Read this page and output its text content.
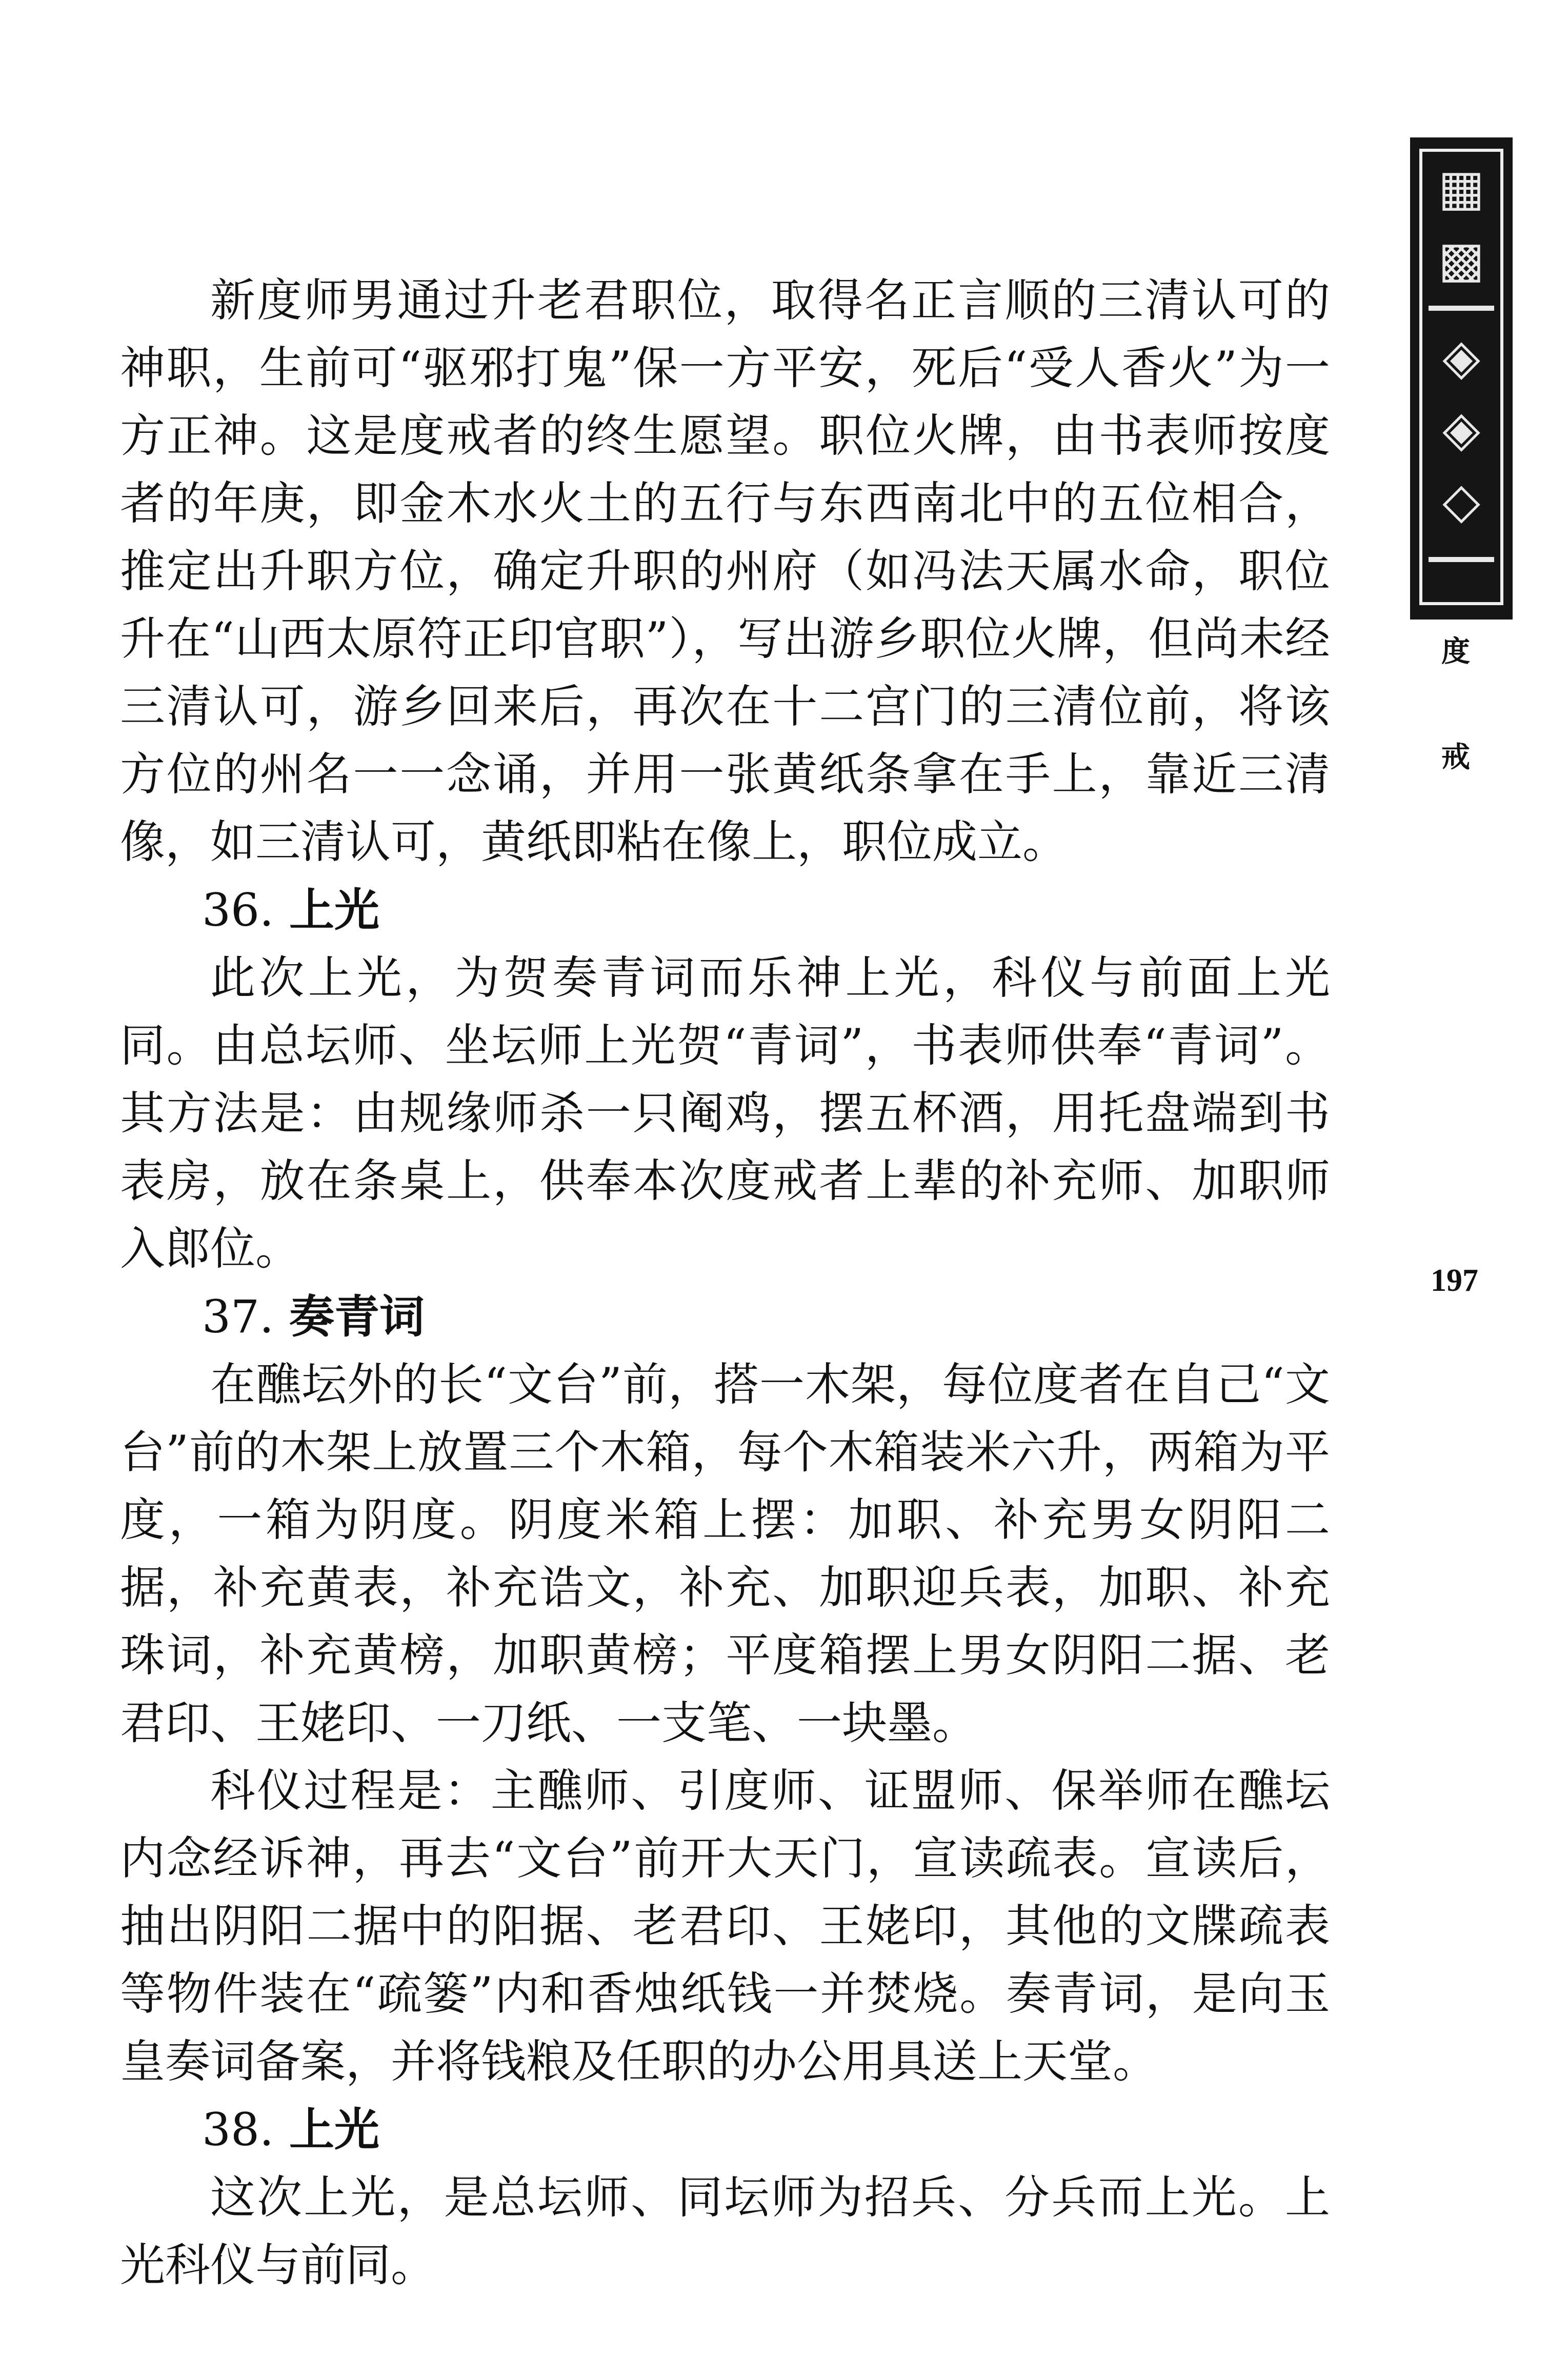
▦
▩
◈
◈
◇
度戒
197

新度师男通过升老君职位，取得名正言顺的三清认可的神职，生前可“驱邪打鬼”保一方平安，死后“受人香火”为一方正神。这是度戒者的终生愿望。职位火牌，由书表师按度者的年庚，即金木水火土的五行与东西南北中的五位相合，推定出升职方位，确定升职的州府（如冯法天属水命，职位升在“山西太原符正印官职”），写出游乡职位火牌，但尚未经三清认可，游乡回来后，再次在十二宫门的三清位前，将该方位的州名一一念诵，并用一张黄纸条拿在手上，靠近三清像，如三清认可，黄纸即粘在像上，职位成立。

36. 上光

此次上光，为贺奏青词而乐神上光，科仪与前面上光同。由总坛师、坐坛师上光贺“青词”，书表师供奉“青词”。其方法是：由规缘师杀一只阉鸡，摆五杯酒，用托盘端到书表房，放在条桌上，供奉本次度戒者上辈的补充师、加职师入郎位。

37. 奏青词

在醮坛外的长“文台”前，搭一木架，每位度者在自己“文台”前的木架上放置三个木箱，每个木箱装米六升，两箱为平度，一箱为阴度。阴度米箱上摆：加职、补充男女阴阳二据，补充黄表，补充诰文，补充、加职迎兵表，加职、补充珠词，补充黄榜，加职黄榜；平度箱摆上男女阴阳二据、老君印、王姥印、一刀纸、一支笔、一块墨。

科仪过程是：主醮师、引度师、证盟师、保举师在醮坛内念经诉神，再去“文台”前开大天门，宣读疏表。宣读后，抽出阴阳二据中的阳据、老君印、王姥印，其他的文牒疏表等物件装在“疏篓”内和香烛纸钱一并焚烧。奏青词，是向玉皇奏词备案，并将钱粮及任职的办公用具送上天堂。

38. 上光

这次上光，是总坛师、同坛师为招兵、分兵而上光。上光科仪与前同。
